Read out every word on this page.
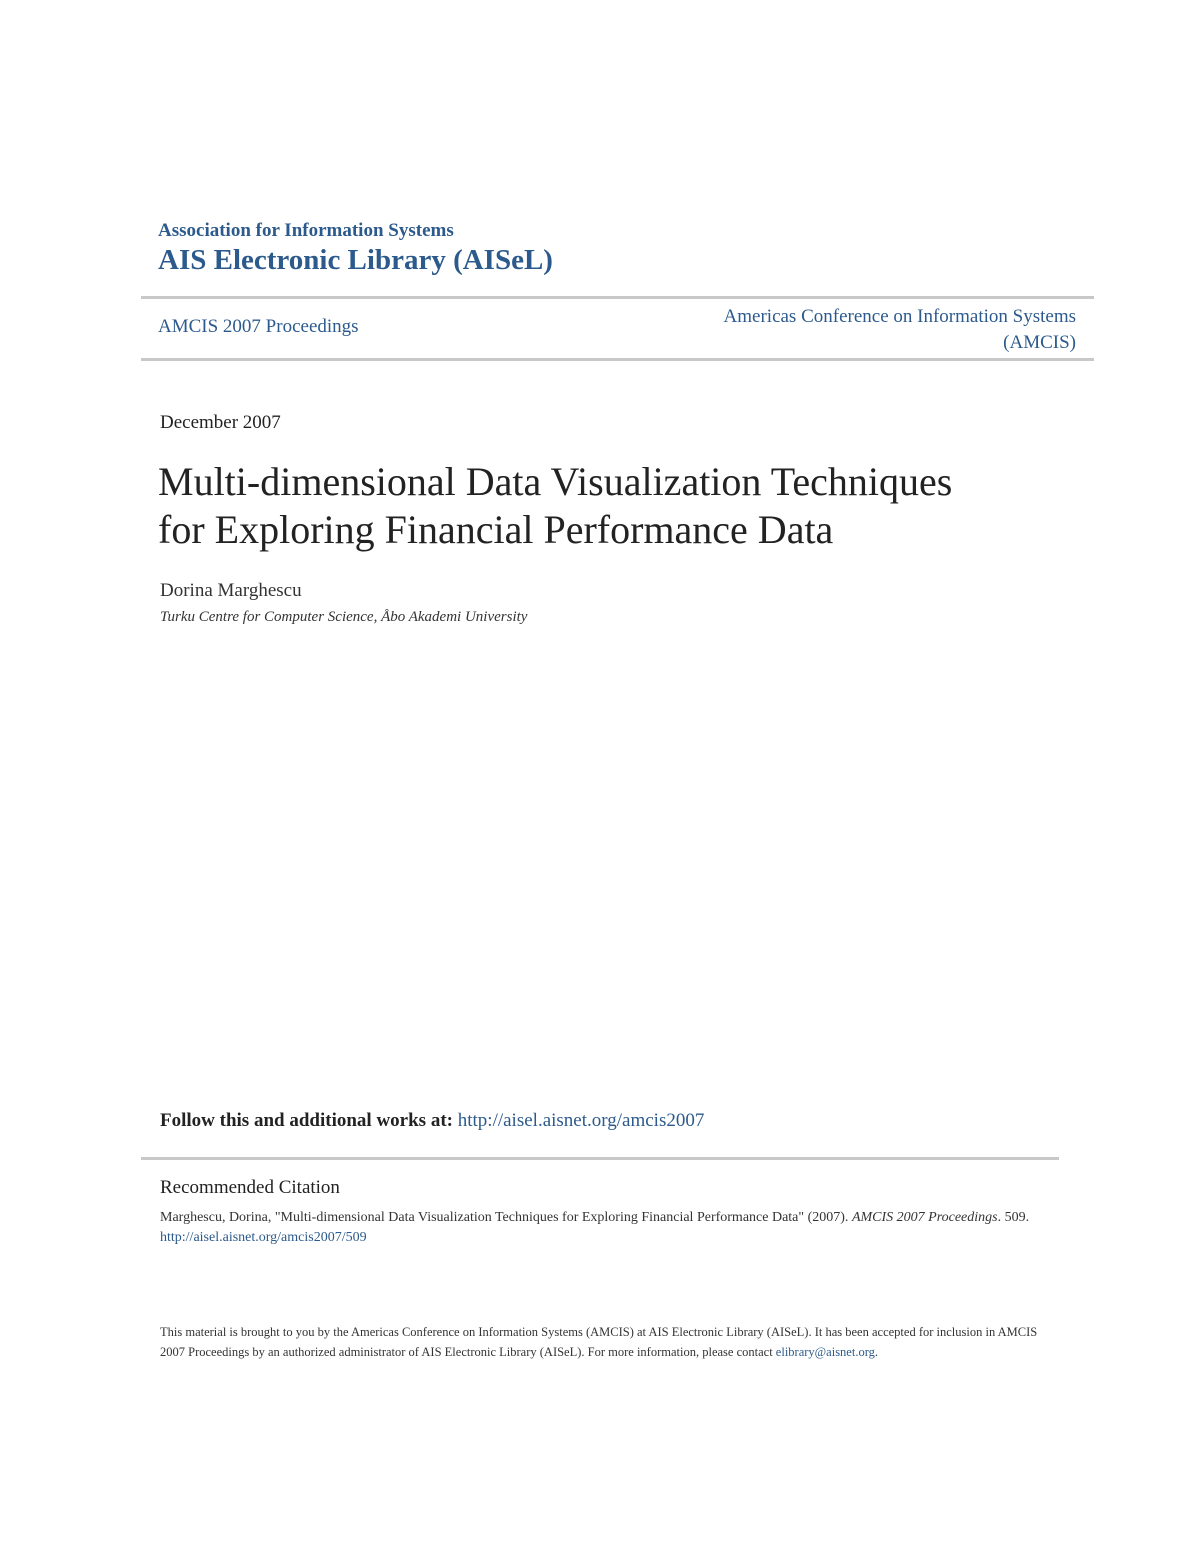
Association for Information Systems
AIS Electronic Library (AISeL)
AMCIS 2007 Proceedings	Americas Conference on Information Systems
(AMCIS)
December 2007
Multi-dimensional Data Visualization Techniques
for Exploring Financial Performance Data
Dorina Marghescu
Turku Centre for Computer Science, Åbo Akademi University
Follow this and additional works at: http://aisel.aisnet.org/amcis2007
Recommended Citation
Marghescu, Dorina, "Multi-dimensional Data Visualization Techniques for Exploring Financial Performance Data" (2007). AMCIS 2007 Proceedings. 509.
http://aisel.aisnet.org/amcis2007/509
This material is brought to you by the Americas Conference on Information Systems (AMCIS) at AIS Electronic Library (AISeL). It has been accepted for inclusion in AMCIS 2007 Proceedings by an authorized administrator of AIS Electronic Library (AISeL). For more information, please contact elibrary@aisnet.org.
